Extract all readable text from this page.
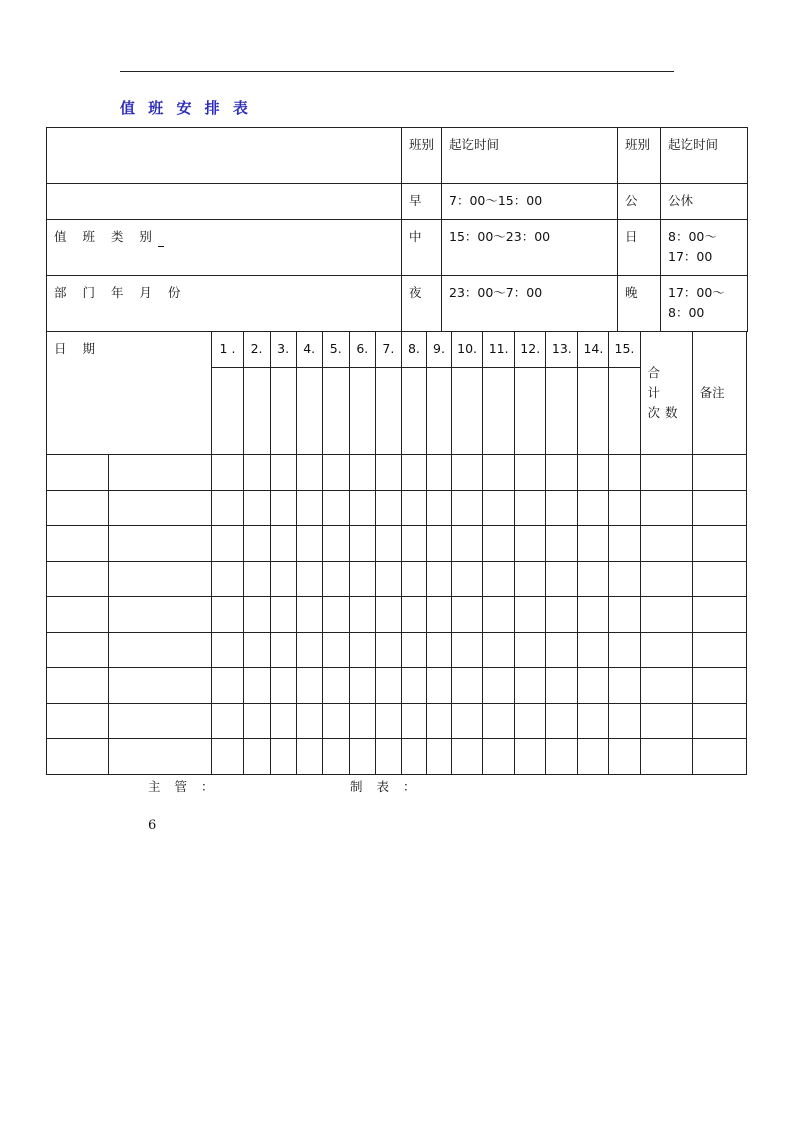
值 班 安 排 表
	班别	起讫时间	班别	起讫时间
	早	7：00～15：00	公	公休
值 班 类 别	中	15：00～23：00	日	8：00～17：00
部 门 年 月 份	夜	23：00～7：00	晚	17：00～8：00
日 期		1 .	2.	3.	4.	5.	6.	7.	8.	9.	10.	11.	12.	13.	14.	15.	合 计 次数	备注

主 管 ：	制 表 ：
6
